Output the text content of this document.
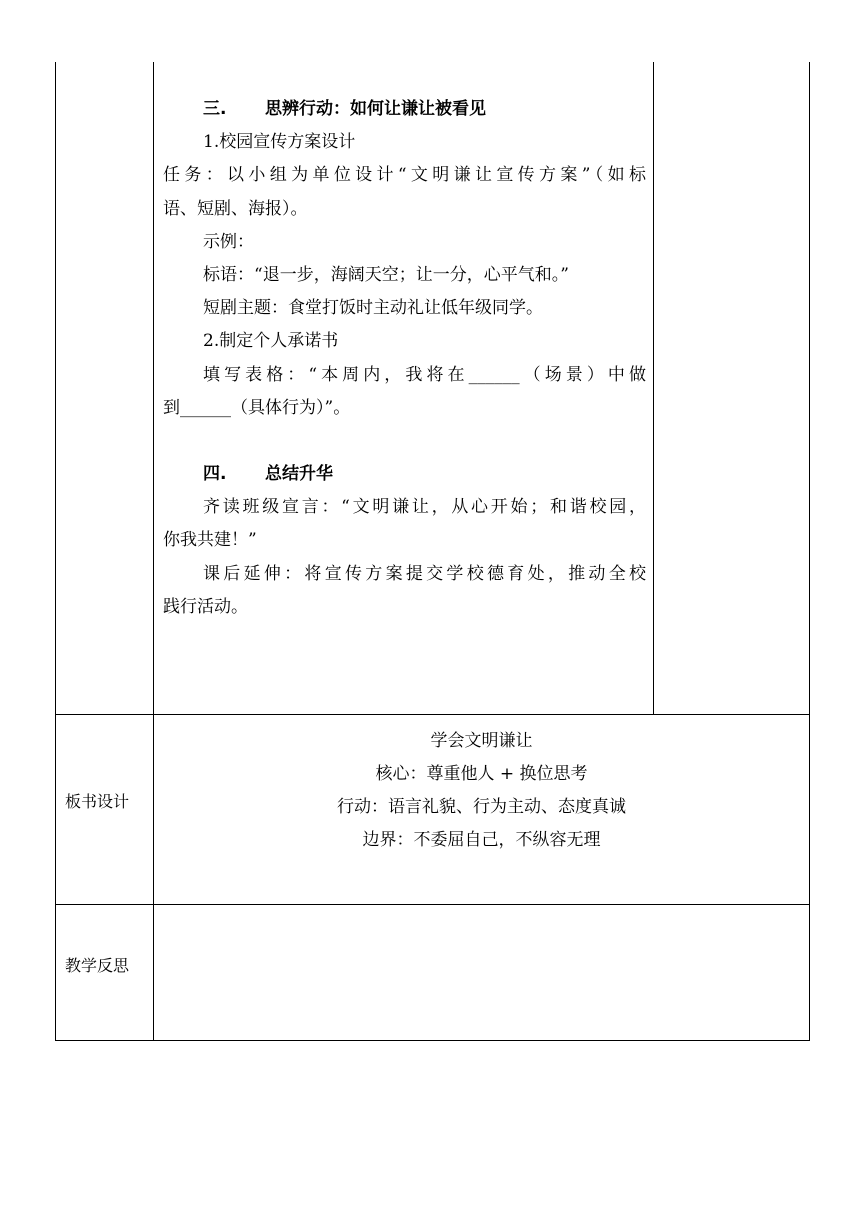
三. 思辨行动：如何让谦让被看见
1.校园宣传方案设计
任务：以小组为单位设计“文明谦让宣传方案”（如标
语、短剧、海报）。
示例：
标语：“退一步，海阔天空；让一分，心平气和。”
短剧主题：食堂打饭时主动礼让低年级同学。
2.制定个人承诺书
填写表格：“本周内，我将在______（场景）中做
到______（具体行为）”。
四. 总结升华
齐读班级宣言：“文明谦让，从心开始；和谐校园，
你我共建！”
课后延伸：将宣传方案提交学校德育处，推动全校
践行活动。
板书设计
学会文明谦让
核心：尊重他人 + 换位思考
行动：语言礼貌、行为主动、态度真诚
边界：不委屈自己，不纵容无理
教学反思
